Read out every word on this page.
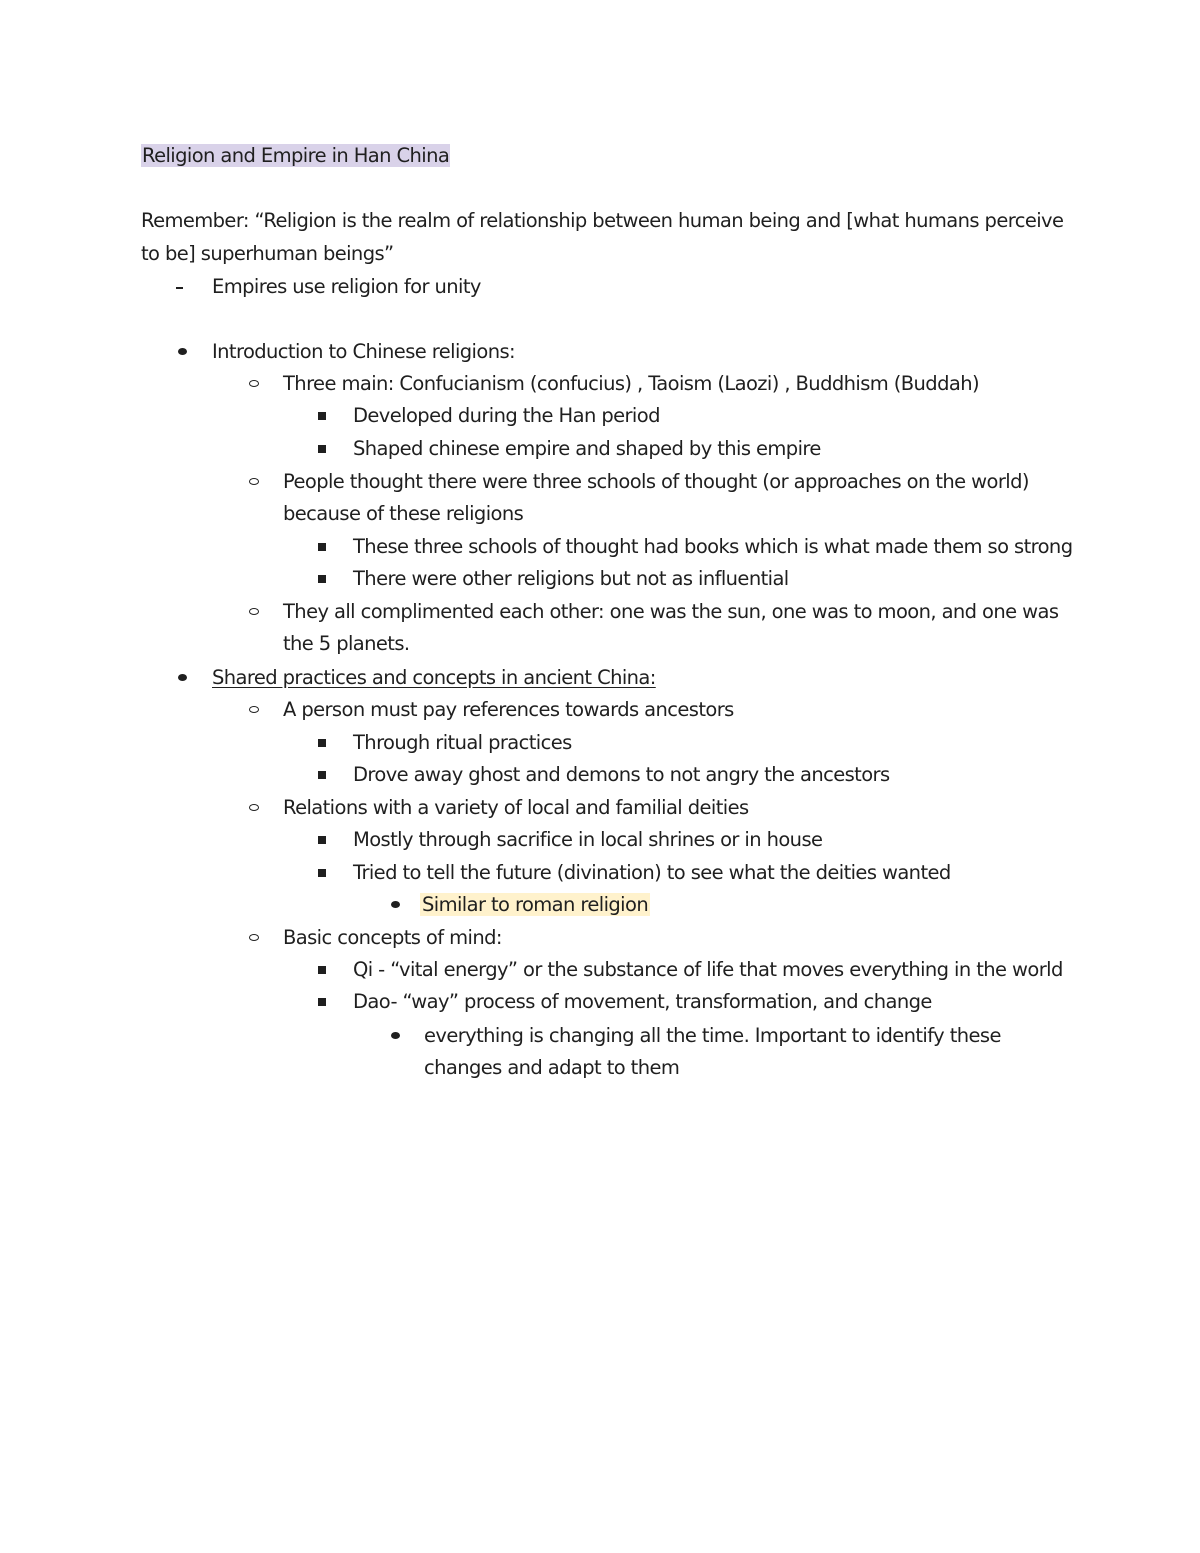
Religion and Empire in Han China
Remember: “Religion is the realm of relationship between human being and [what humans perceive
to be] superhuman beings”
Empires use religion for unity
Introduction to Chinese religions:
Three main: Confucianism (confucius) , Taoism (Laozi) , Buddhism (Buddah)
Developed during the Han period
Shaped chinese empire and shaped by this empire
People thought there were three schools of thought (or approaches on the world)
because of these religions
These three schools of thought had books which is what made them so strong
There were other religions but not as influential
They all complimented each other: one was the sun, one was to moon, and one was
the 5 planets.
Shared practices and concepts in ancient China:
A person must pay references towards ancestors
Through ritual practices
Drove away ghost and demons to not angry the ancestors
Relations with a variety of local and familial deities
Mostly through sacrifice in local shrines or in house
Tried to tell the future (divination) to see what the deities wanted
Similar to roman religion
Basic concepts of mind:
Qi - “vital energy” or the substance of life that moves everything in the world
Dao- “way” process of movement, transformation, and change
everything is changing all the time. Important to identify these
changes and adapt to them
